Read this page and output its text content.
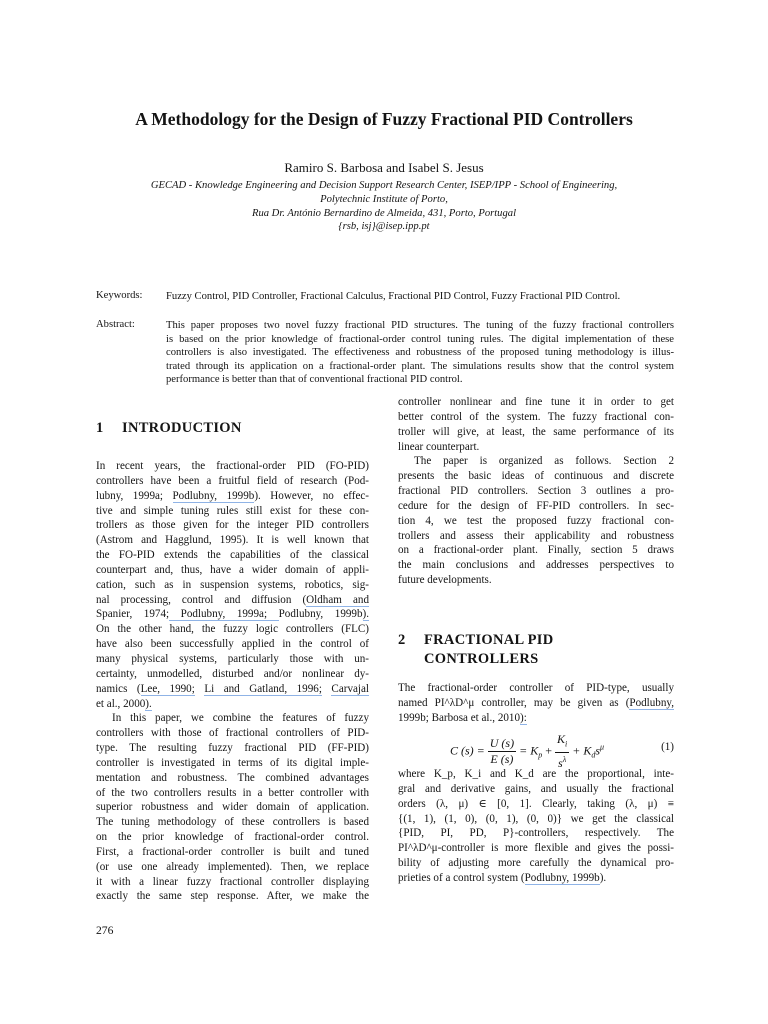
A Methodology for the Design of Fuzzy Fractional PID Controllers
Ramiro S. Barbosa and Isabel S. Jesus
GECAD - Knowledge Engineering and Decision Support Research Center, ISEP/IPP - School of Engineering,
Polytechnic Institute of Porto,
Rua Dr. António Bernardino de Almeida, 431, Porto, Portugal
{rsb, isj}@isep.ipp.pt
Keywords: Fuzzy Control, PID Controller, Fractional Calculus, Fractional PID Control, Fuzzy Fractional PID Control.
Abstract:	This paper proposes two novel fuzzy fractional PID structures. The tuning of the fuzzy fractional controllers
is based on the prior knowledge of fractional-order control tuning rules. The digital implementation of these
controllers is also investigated. The effectiveness and robustness of the proposed tuning methodology is illus-
trated through its application on a fractional-order plant. The simulations results show that the control system
performance is better than that of conventional fractional PID control.
1 INTRODUCTION
In recent years, the fractional-order PID (FO-PID)
controllers have been a fruitful field of research (Pod-
lubny, 1999a; Podlubny, 1999b). However, no effec-
tive and simple tuning rules still exist for these con-
trollers as those given for the integer PID controllers
(Astrom and Hagglund, 1995). It is well known that
the FO-PID extends the capabilities of the classical
counterpart and, thus, have a wider domain of appli-
cation, such as in suspension systems, robotics, sig-
nal processing, control and diffusion (Oldham and
Spanier, 1974; Podlubny, 1999a; Podlubny, 1999b).
On the other hand, the fuzzy logic controllers (FLC)
have also been successfully applied in the control of
many physical systems, particularly those with un-
certainty, unmodelled, disturbed and/or nonlinear dy-
namics (Lee, 1990; Li and Gatland, 1996; Carvajal
et al., 2000).
In this paper, we combine the features of fuzzy
controllers with those of fractional controllers of PID-
type. The resulting fuzzy fractional PID (FF-PID)
controller is investigated in terms of its digital imple-
mentation and robustness. The combined advantages
of the two controllers results in a better controller with
superior robustness and wider domain of application.
The tuning methodology of these controllers is based
on the prior knowledge of fractional-order control.
First, a fractional-order controller is built and tuned
(or use one already implemented). Then, we replace
it with a linear fuzzy fractional controller displaying
exactly the same step response. After, we make the
controller nonlinear and fine tune it in order to get
better control of the system. The fuzzy fractional con-
troller will give, at least, the same performance of its
linear counterpart.
The paper is organized as follows. Section 2
presents the basic ideas of continuous and discrete
fractional PID controllers. Section 3 outlines a pro-
cedure for the design of FF-PID controllers. In sec-
tion 4, we test the proposed fuzzy fractional con-
trollers and assess their applicability and robustness
on a fractional-order plant. Finally, section 5 draws
the main conclusions and addresses perspectives to
future developments.
2 FRACTIONAL PID
CONTROLLERS
The fractional-order controller of PID-type, usually
named PI^λD^μ controller, may be given as (Podlubny,
1999b; Barbosa et al., 2010):
C $(s) = \frac{U (s)}{E (s)} = K_p + \frac{K_i}{s^\lambda} + K_ds^\mu$	(1)
where K_p, K_i and K_d are the proportional, inte-
gral and derivative gains, and usually the fractional
orders (λ, μ) ∈ [0, 1]. Clearly, taking (λ, μ) ≡
{(1, 1), (1, 0), (0, 1), (0, 0)} we get the classical
{PID, PI, PD, P}-controllers, respectively. The
PI^λD^μ-controller is more flexible and gives the possi-
bility of adjusting more carefully the dynamical pro-
prieties of a control system (Podlubny, 1999b).
276
